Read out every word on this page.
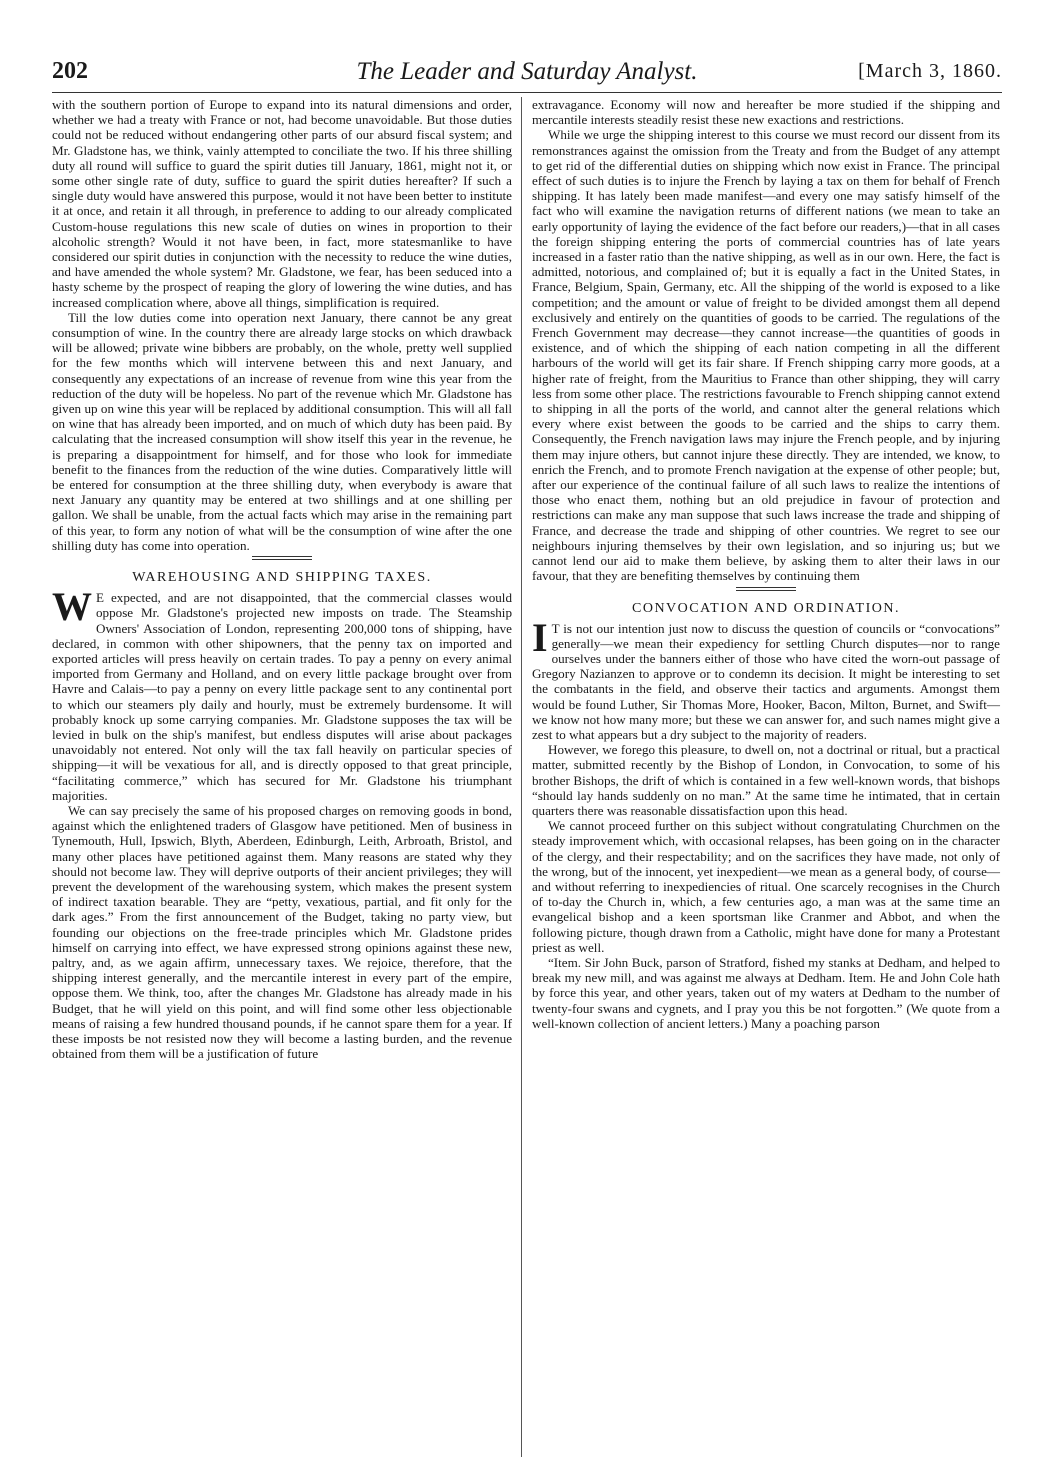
202	The Leader and Saturday Analyst.	[March 3, 1860.

with the southern portion of Europe to expand into its natural dimensions and order, whether we had a treaty with France or not, had become unavoidable. But those duties could not be reduced without endangering other parts of our absurd fiscal system; and Mr. Gladstone has, we think, vainly attempted to conciliate the two. If his three shilling duty all round will suffice to guard the spirit duties till January, 1861, might not it, or some other single rate of duty, suffice to guard the spirit duties hereafter? If such a single duty would have answered this purpose, would it not have been better to institute it at once, and retain it all through, in preference to adding to our already complicated Custom-house regulations this new scale of duties on wines in proportion to their alcoholic strength? Would it not have been, in fact, more statesmanlike to have considered our spirit duties in conjunction with the necessity to reduce the wine duties, and have amended the whole system? Mr. Gladstone, we fear, has been seduced into a hasty scheme by the prospect of reaping the glory of lowering the wine duties, and has increased complication where, above all things, simplification is required.

Till the low duties come into operation next January, there cannot be any great consumption of wine. In the country there are already large stocks on which drawback will be allowed; private wine bibbers are probably, on the whole, pretty well supplied for the few months which will intervene between this and next January, and consequently any expectations of an increase of revenue from wine this year from the reduction of the duty will be hopeless. No part of the revenue which Mr. Gladstone has given up on wine this year will be replaced by additional consumption. This will all fall on wine that has already been imported, and on much of which duty has been paid. By calculating that the increased consumption will show itself this year in the revenue, he is preparing a disappointment for himself, and for those who look for immediate benefit to the finances from the reduction of the wine duties. Comparatively little will be entered for consumption at the three shilling duty, when everybody is aware that next January any quantity may be entered at two shillings and at one shilling per gallon. We shall be unable, from the actual facts which may arise in the remaining part of this year, to form any notion of what will be the consumption of wine after the one shilling duty has come into operation.

WAREHOUSING AND SHIPPING TAXES.

W E expected, and are not disappointed, that the commercial classes would oppose Mr. Gladstone's projected new imposts on trade. The Steamship Owners' Association of London, representing 200,000 tons of shipping, have declared, in common with other shipowners, that the penny tax on imported and exported articles will press heavily on certain trades. To pay a penny on every animal imported from Germany and Holland, and on every little package brought over from Havre and Calais—to pay a penny on every little package sent to any continental port to which our steamers ply daily and hourly, must be extremely burdensome. It will probably knock up some carrying companies. Mr. Gladstone supposes the tax will be levied in bulk on the ship's manifest, but endless disputes will arise about packages unavoidably not entered. Not only will the tax fall heavily on particular species of shipping—it will be vexatious for all, and is directly opposed to that great principle, “facilitating commerce,” which has secured for Mr. Gladstone his triumphant majorities.

We can say precisely the same of his proposed charges on removing goods in bond, against which the enlightened traders of Glasgow have petitioned. Men of business in Tynemouth, Hull, Ipswich, Blyth, Aberdeen, Edinburgh, Leith, Arbroath, Bristol, and many other places have petitioned against them. Many reasons are stated why they should not become law. They will deprive outports of their ancient privileges; they will prevent the development of the warehousing system, which makes the present system of indirect taxation bearable. They are “petty, vexatious, partial, and fit only for the dark ages.” From the first announcement of the Budget, taking no party view, but founding our objections on the free-trade principles which Mr. Gladstone prides himself on carrying into effect, we have expressed strong opinions against these new, paltry, and, as we again affirm, unnecessary taxes. We rejoice, therefore, that the shipping interest generally, and the mercantile interest in every part of the empire, oppose them. We think, too, after the changes Mr. Gladstone has already made in his Budget, that he will yield on this point, and will find some other less objectionable means of raising a few hundred thousand pounds, if he cannot spare them for a year. If these imposts be not resisted now they will become a lasting burden, and the revenue obtained from them will be a justification of future

extravagance. Economy will now and hereafter be more studied if the shipping and mercantile interests steadily resist these new exactions and restrictions.

While we urge the shipping interest to this course we must record our dissent from its remonstrances against the omission from the Treaty and from the Budget of any attempt to get rid of the differential duties on shipping which now exist in France. The principal effect of such duties is to injure the French by laying a tax on them for behalf of French shipping. It has lately been made manifest—and every one may satisfy himself of the fact who will examine the navigation returns of different nations (we mean to take an early opportunity of laying the evidence of the fact before our readers,)—that in all cases the foreign shipping entering the ports of commercial countries has of late years increased in a faster ratio than the native shipping, as well as in our own. Here, the fact is admitted, notorious, and complained of; but it is equally a fact in the United States, in France, Belgium, Spain, Germany, etc. All the shipping of the world is exposed to a like competition; and the amount or value of freight to be divided amongst them all depend exclusively and entirely on the quantities of goods to be carried. The regulations of the French Government may decrease—they cannot increase—the quantities of goods in existence, and of which the shipping of each nation competing in all the different harbours of the world will get its fair share. If French shipping carry more goods, at a higher rate of freight, from the Mauritius to France than other shipping, they will carry less from some other place. The restrictions favourable to French shipping cannot extend to shipping in all the ports of the world, and cannot alter the general relations which every where exist between the goods to be carried and the ships to carry them. Consequently, the French navigation laws may injure the French people, and by injuring them may injure others, but cannot injure these directly. They are intended, we know, to enrich the French, and to promote French navigation at the expense of other people; but, after our experience of the continual failure of all such laws to realize the intentions of those who enact them, nothing but an old prejudice in favour of protection and restrictions can make any man suppose that such laws increase the trade and shipping of France, and decrease the trade and shipping of other countries. We regret to see our neighbours injuring themselves by their own legislation, and so injuring us; but we cannot lend our aid to make them believe, by asking them to alter their laws in our favour, that they are benefiting themselves by continuing them

CONVOCATION AND ORDINATION.

I T is not our intention just now to discuss the question of councils or “convocations” generally—we mean their expediency for settling Church disputes—nor to range ourselves under the banners either of those who have cited the worn-out passage of Gregory Nazianzen to approve or to condemn its decision. It might be interesting to set the combatants in the field, and observe their tactics and arguments. Amongst them would be found Luther, Sir Thomas More, Hooker, Bacon, Milton, Burnet, and Swift—we know not how many more; but these we can answer for, and such names might give a zest to what appears but a dry subject to the majority of readers.

However, we forego this pleasure, to dwell on, not a doctrinal or ritual, but a practical matter, submitted recently by the Bishop of London, in Convocation, to some of his brother Bishops, the drift of which is contained in a few well-known words, that bishops “should lay hands suddenly on no man.” At the same time he intimated, that in certain quarters there was reasonable dissatisfaction upon this head.

We cannot proceed further on this subject without congratulating Churchmen on the steady improvement which, with occasional relapses, has been going on in the character of the clergy, and their respectability; and on the sacrifices they have made, not only of the wrong, but of the innocent, yet inexpedient—we mean as a general body, of course—and without referring to inexpediencies of ritual. One scarcely recognises in the Church of to-day the Church in, which, a few centuries ago, a man was at the same time an evangelical bishop and a keen sportsman like Cranmer and Abbot, and when the following picture, though drawn from a Catholic, might have done for many a Protestant priest as well.

“Item. Sir John Buck, parson of Stratford, fished my stanks at Dedham, and helped to break my new mill, and was against me always at Dedham. Item. He and John Cole hath by force this year, and other years, taken out of my waters at Dedham to the number of twenty-four swans and cygnets, and I pray you this be not forgotten.” (We quote from a well-known collection of ancient letters.) Many a poaching parson
